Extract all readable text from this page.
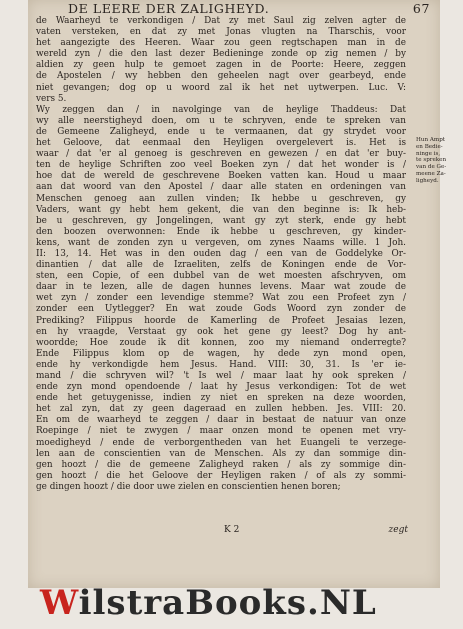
DE LEERE DER ZALIGHEYD.	67
de Waarheyd te verkondigen / Dat zy met Saul zig zelven agter de
vaten versteken, en dat zy met Jonas vlugten na Tharschis, voor
het aangezigte des Heeren. Waar zou geen regtschapen man in de
wereld zyn / die den last dezer Bedieninge zonde op zig nemen / by
aldien zy geen hulp te gemoet zagen in de Poorte: Heere, zeggen
de Apostelen / wy hebben den geheelen nagt over gearbeyd, ende
niet gevangen; dog op u woord zal ik het net uytwerpen. Luc. V:
vers 5.
Wy zeggen dan / in navolginge van de heylige Thaddeus: Dat
wy alle neerstigheyd doen, om u te schryven, ende te spreken van
de Gemeene Zaligheyd, ende u te vermaanen, dat gy strydet voor
het Geloove, dat eenmaal den Heyligen overgelevert is. Het is
waar / dat 'er al genoeg is geschreven en gewezen / en dat 'er buy-
ten de heylige Schriften zoo veel Boeken zyn / dat het wonder is /
hoe dat de wereld de geschrevene Boeken vatten kan. Houd u maar
aan dat woord van den Apostel / daar alle staten en ordeningen van
Menschen genoeg aan zullen vinden; Ik hebbe u geschreven, gy
Vaders, want gy hebt hem gekent, die van den beginne is: Ik heb-
be u geschreven, gy Jongelingen, want gy zyt sterk, ende gy hebt
den boozen overwonnen: Ende ik hebbe u geschreven, gy kinder-
kens, want de zonden zyn u vergeven, om zynes Naams wille. 1 Joh.
II: 13, 14. Het was in den ouden dag / een van de Goddelyke Or-
dinantien / dat alle de Izraeliten, zelfs de Koningen ende de Vor-
sten, een Copie, of een dubbel van de wet moesten afschryven, om
daar in te lezen, alle de dagen hunnes levens. Maar wat zoude de
wet zyn / zonder een levendige stemme? Wat zou een Profeet zyn /
zonder een Uytlegger? En wat zoude Gods Woord zyn zonder de
Prediking? Filippus hoorde de Kamerling de Profeet Jesaias lezen,
en hy vraagde, Verstaat gy ook het gene gy leest? Dog hy ant-
woordde; Hoe zoude ik dit konnen, zoo my niemand onderregte?
Ende Filippus klom op de wagen, hy dede zyn mond open,
ende hy verkondigde hem Jesus. Hand. VIII: 30, 31. Is 'er ie-
mand / die schryven wil? 't Is wel / maar laat hy ook spreken /
ende zyn mond opendoende / laat hy Jesus verkondigen: Tot de wet
ende het getuygenisse, indien zy niet en spreken na deze woorden,
het zal zyn, dat zy geen dageraad en zullen hebben. Jes. VIII: 20.
En om de waarheyd te zeggen / daar in bestaat de natuur van onze
Roepinge / niet te zwygen / maar onzen mond te openen met vry-
moedigheyd / ende de verborgentheden van het Euangeli te verzege-
len aan de conscientien van de Menschen. Als zy dan sommige din-
gen hoozt / die de gemeene Zaligheyd raken / als zy sommige din-
gen hoozt / die het Geloove der Heyligen raken / of als zy sommi-
ge dingen hoozt / die door uwe zielen en conscientien henen boren;
Hun Ampt
en Bedie-
ninge is,
te spreken
van de Ge-
meene Za-
ligheyd.
K 2	zegt
WilstraBooks.NL
